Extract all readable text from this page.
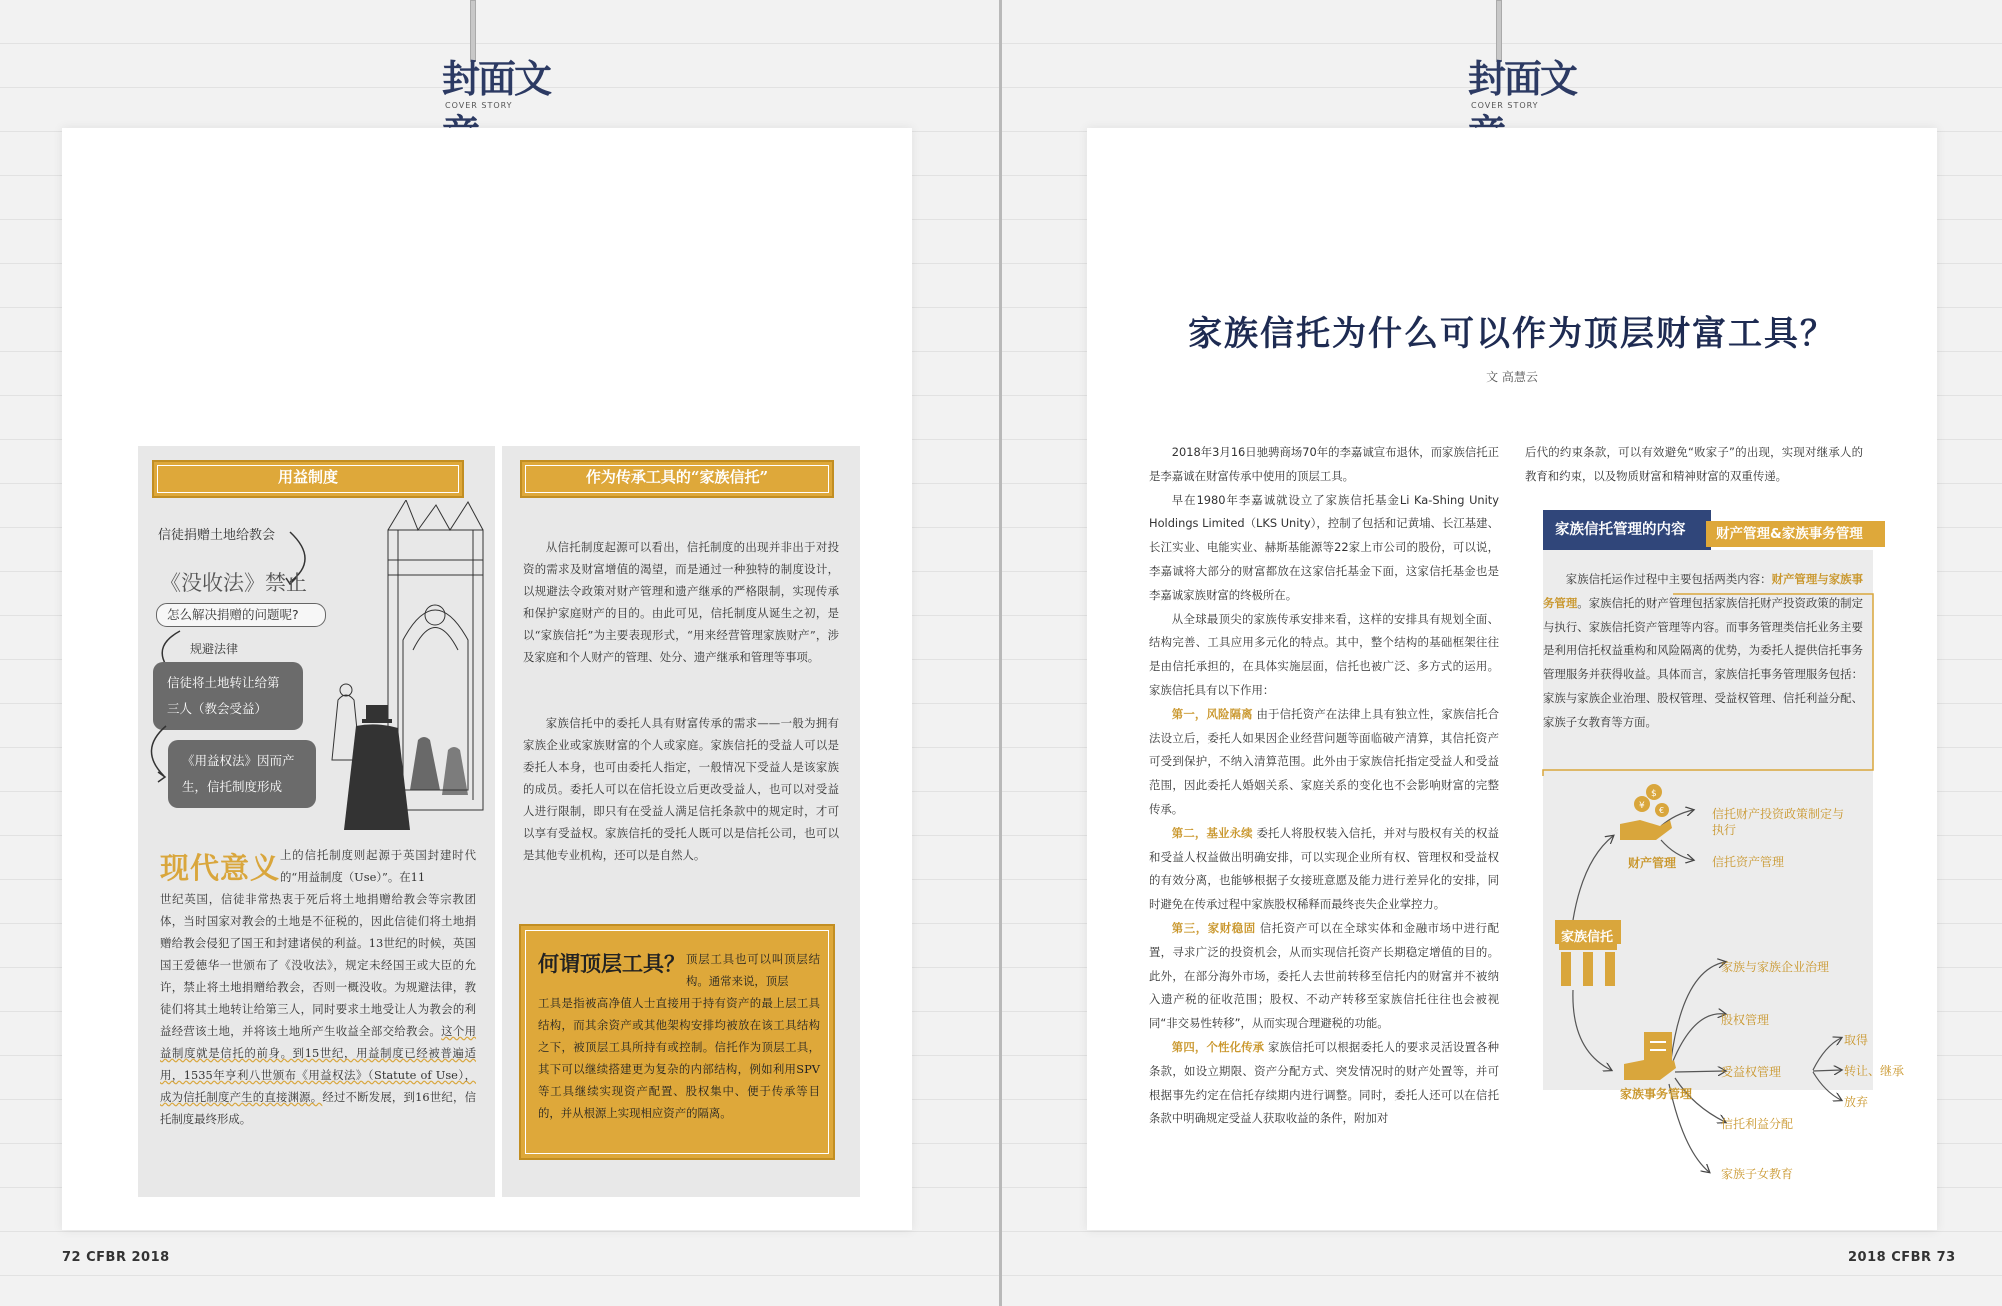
封面文
COVER STORY
封面文
COVER STORY
用益制度
信徒捐赠土地给教会
《没收法》禁止
怎么解决捐赠的问题呢?
规避法律
信徒将土地转让给第三人（教会受益）
《用益权法》因而产生，信托制度形成
现代意义 上的信托制度则起源于英国封建时代的“用益制度（Use）”。在11
世纪英国，信徒非常热衷于死后将土地捐赠给教会等宗教团体，当时国家对教会的土地是不征税的，因此信徒们将土地捐赠给教会侵犯了国王和封建诸侯的利益。13世纪的时候，英国国王爱德华一世颁布了《没收法》，规定未经国王或大臣的允许，禁止将土地捐赠给教会，否则一概没收。为规避法律，教徒们将其土地转让给第三人，同时要求土地受让人为教会的利益经营该土地，并将该土地所产生收益全部交给教会。这个用益制度就是信托的前身。到15世纪，用益制度已经被普遍适用，1535年亨利八世颁布《用益权法》（Statute of Use），成为信托制度产生的直接渊源。经过不断发展，到16世纪，信托制度最终形成。
作为传承工具的“家族信托”
从信托制度起源可以看出，信托制度的出现并非出于对投资的需求及财富增值的渴望，而是通过一种独特的制度设计，以规避法令政策对财产管理和遗产继承的严格限制，实现传承和保护家庭财产的目的。由此可见，信托制度从诞生之初，是以“家族信托”为主要表现形式，“用来经营管理家族财产”，涉及家庭和个人财产的管理、处分、遗产继承和管理等事项。
家族信托中的委托人具有财富传承的需求——一般为拥有家族企业或家族财富的个人或家庭。家族信托的受益人可以是委托人本身，也可由委托人指定，一般情况下受益人是该家族的成员。委托人可以在信托设立后更改受益人，也可以对受益人进行限制，即只有在受益人满足信托条款中的规定时，才可以享有受益权。家族信托的受托人既可以是信托公司，也可以是其他专业机构，还可以是自然人。
何谓顶层工具？ 顶层工具也可以叫顶层结构。通常来说，顶层
工具是指被高净值人士直接用于持有资产的最上层工具结构，而其余资产或其他架构安排均被放在该工具结构之下，被顶层工具所持有或控制。信托作为顶层工具，其下可以继续搭建更为复杂的内部结构，例如利用SPV等工具继续实现资产配置、股权集中、便于传承等目的，并从根源上实现相应资产的隔离。
72 CFBR 2018
家族信托为什么可以作为顶层财富工具？
文 高慧云

2018年3月16日驰骋商场70年的李嘉诚宣布退休，而家族信托正是李嘉诚在财富传承中使用的顶层工具。

早在1980年李嘉诚就设立了家族信托基金Li Ka-Shing Unity Holdings Limited（LKS Unity），控制了包括和记黄埔、长江基建、长江实业、电能实业、赫斯基能源等22家上市公司的股份，可以说，李嘉诚将大部分的财富都放在这家信托基金下面，这家信托基金也是李嘉诚家族财富的终极所在。

从全球最顶尖的家族传承安排来看，这样的安排具有规划全面、结构完善、工具应用多元化的特点。其中，整个结构的基础框架往往是由信托承担的，在具体实施层面，信托也被广泛、多方式的运用。家族信托具有以下作用：

第一，风险隔离 由于信托资产在法律上具有独立性，家族信托合法设立后，委托人如果因企业经营问题等面临破产清算，其信托资产可受到保护，不纳入清算范围。此外由于家族信托指定受益人和受益范围，因此委托人婚姻关系、家庭关系的变化也不会影响财富的完整传承。

第二，基业永续 委托人将股权装入信托，并对与股权有关的权益和受益人权益做出明确安排，可以实现企业所有权、管理权和受益权的有效分离，也能够根据子女接班意愿及能力进行差异化的安排，同时避免在传承过程中家族股权稀释而最终丧失企业掌控力。

第三，家财稳固 信托资产可以在全球实体和金融市场中进行配置，寻求广泛的投资机会，从而实现信托资产长期稳定增值的目的。此外，在部分海外市场，委托人去世前转移至信托内的财富并不被纳入遗产税的征收范围；股权、不动产转移至家族信托往往也会被视同“非交易性转移”，从而实现合理避税的功能。

第四，个性化传承 家族信托可以根据委托人的要求灵活设置各种条款，如设立期限、资产分配方式、突发情况时的财产处置等，并可根据事先约定在信托存续期内进行调整。同时，委托人还可以在信托条款中明确规定受益人获取收益的条件，附加对

后代的约束条款，可以有效避免“败家子”的出现，实现对继承人的教育和约束，以及物质财富和精神财富的双重传递。
家族信托管理的内容	财产管理&家族事务管理
家族信托运作过程中主要包括两类内容：财产管理与家族事务管理。家族信托的财产管理包括家族信托财产投资政策的制定与执行、家族信托资产管理等内容。而事务管理类信托业务主要是利用信托权益重构和风险隔离的优势，为委托人提供信托事务管理服务并获得收益。具体而言，家族信托事务管理服务包括：家族与家族企业治理、股权管理、受益权管理、信托利益分配、家族子女教育等方面。
$
¥ €
财产管理
信托财产投资政策制定与执行
信托资产管理
家族信托
家族事务管理
家族与家族企业治理
股权管理
受益权管理
信托利益分配
家族子女教育
取得
转让、继承
放弃
2018 CFBR 73
